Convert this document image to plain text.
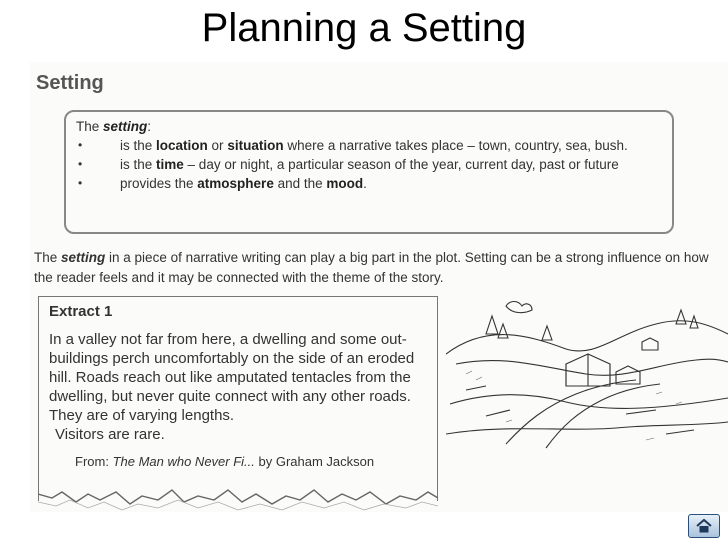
Planning a Setting
Setting
The setting:
•	is the location or situation where a narrative takes place – town, country, sea, bush.
•	is the time – day or night, a particular season of the year, current day, past or future
•	provides the atmosphere and the mood.
The setting in a piece of narrative writing can play a big part in the plot. Setting can be a strong influence on how the reader feels and it may be connected with the theme of the story.
Extract 1
In a valley not far from here, a dwelling and some out-buildings perch uncomfortably on the side of an eroded hill. Roads reach out like amputated tentacles from the dwelling, but never quite connect with any other roads. They are of varying lengths.
Visitors are rare.
From: The Man who Never Fi... by Graham Jackson
